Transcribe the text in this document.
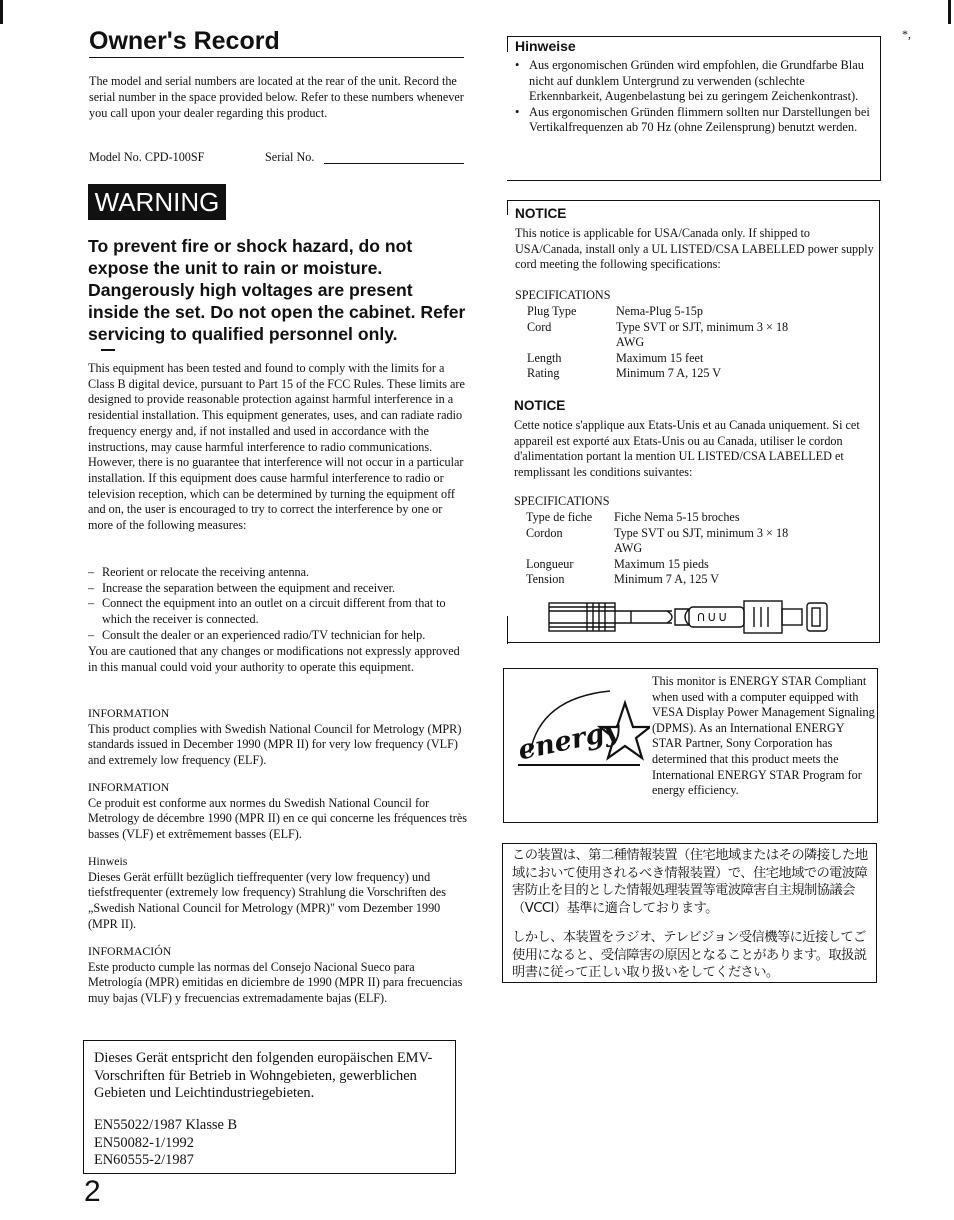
*,
Owner's Record
The model and serial numbers are located at the rear of the unit. Record the serial number in the space provided below. Refer to these numbers whenever you call upon your dealer regarding this product.
Model No. CPD-100SF	Serial No.
WARNING
To prevent fire or shock hazard, do not expose the unit to rain or moisture. Dangerously high voltages are present inside the set. Do not open the cabinet. Refer servicing to qualified personnel only.
This equipment has been tested and found to comply with the limits for a Class B digital device, pursuant to Part 15 of the FCC Rules. These limits are designed to provide reasonable protection against harmful interference in a residential installation. This equipment generates, uses, and can radiate radio frequency energy and, if not installed and used in accordance with the instructions, may cause harmful interference to radio communications. However, there is no guarantee that interference will not occur in a particular installation. If this equipment does cause harmful interference to radio or television reception, which can be determined by turning the equipment off and on, the user is encouraged to try to correct the interference by one or more of the following measures:
– Reorient or relocate the receiving antenna.
– Increase the separation between the equipment and receiver.
– Connect the equipment into an outlet on a circuit different from that to which the receiver is connected.
– Consult the dealer or an experienced radio/TV technician for help.
You are cautioned that any changes or modifications not expressly approved in this manual could void your authority to operate this equipment.
INFORMATION
This product complies with Swedish National Council for Metrology (MPR) standards issued in December 1990 (MPR II) for very low frequency (VLF) and extremely low frequency (ELF).
INFORMATION
Ce produit est conforme aux normes du Swedish National Council for Metrology de décembre 1990 (MPR II) en ce qui concerne les fréquences très basses (VLF) et extrêmement basses (ELF).
Hinweis
Dieses Gerät erfüllt bezüglich tieffrequenter (very low frequency) und tiefstfrequenter (extremely low frequency) Strahlung die Vorschriften des „Swedish National Council for Metrology (MPR)" vom Dezember 1990 (MPR II).
INFORMACIÓN
Este producto cumple las normas del Consejo Nacional Sueco para Metrología (MPR) emitidas en diciembre de 1990 (MPR II) para frecuencias muy bajas (VLF) y frecuencias extremadamente bajas (ELF).
Dieses Gerät entspricht den folgenden europäischen EMV-Vorschriften für Betrieb in Wohngebieten, gewerblichen Gebieten und Leichtindustriegebieten.
EN55022/1987 Klasse B
EN50082-1/1992
EN60555-2/1987
2
Hinweise
• Aus ergonomischen Gründen wird empfohlen, die Grundfarbe Blau nicht auf dunklem Untergrund zu verwenden (schlechte Erkennbarkeit, Augenbelastung bei zu geringem Zeichenkontrast).
• Aus ergonomischen Gründen flimmern sollten nur Darstellungen bei Vertikalfrequenzen ab 70 Hz (ohne Zeilensprung) benutzt werden.
NOTICE
This notice is applicable for USA/Canada only. If shipped to USA/Canada, install only a UL LISTED/CSA LABELLED power supply cord meeting the following specifications:
SPECIFICATIONS
Plug Type	Nema-Plug 5-15p
Cord	Type SVT or SJT, minimum 3 × 18 AWG
Length	Maximum 15 feet
Rating	Minimum 7 A, 125 V
NOTICE
Cette notice s'applique aux Etats-Unis et au Canada uniquement. Si cet appareil est exporté aux Etats-Unis ou au Canada, utiliser le cordon d'alimentation portant la mention UL LISTED/CSA LABELLED et remplissant les conditions suivantes:
SPECIFICATIONS
Type de fiche	Fiche Nema 5-15 broches
Cordon	Type SVT ou SJT, minimum 3 × 18 AWG
Longueur	Maximum 15 pieds
Tension	Minimum 7 A, 125 V
ᑎ ᑌ ᑌ
energy
This monitor is ENERGY STAR Compliant when used with a computer equipped with VESA Display Power Management Signaling (DPMS). As an International ENERGY STAR Partner, Sony Corporation has determined that this product meets the International ENERGY STAR Program for energy efficiency.
この装置は、第二種情報装置（住宅地域またはその隣接した地域において使用されるべき情報装置）で、住宅地域での電波障害防止を目的とした情報処理装置等電波障害自主規制協議会（VCCI）基準に適合しております。
しかし、本装置をラジオ、テレビジョン受信機等に近接してご使用になると、受信障害の原因となることがあります。取扱説明書に従って正しい取り扱いをしてください。
